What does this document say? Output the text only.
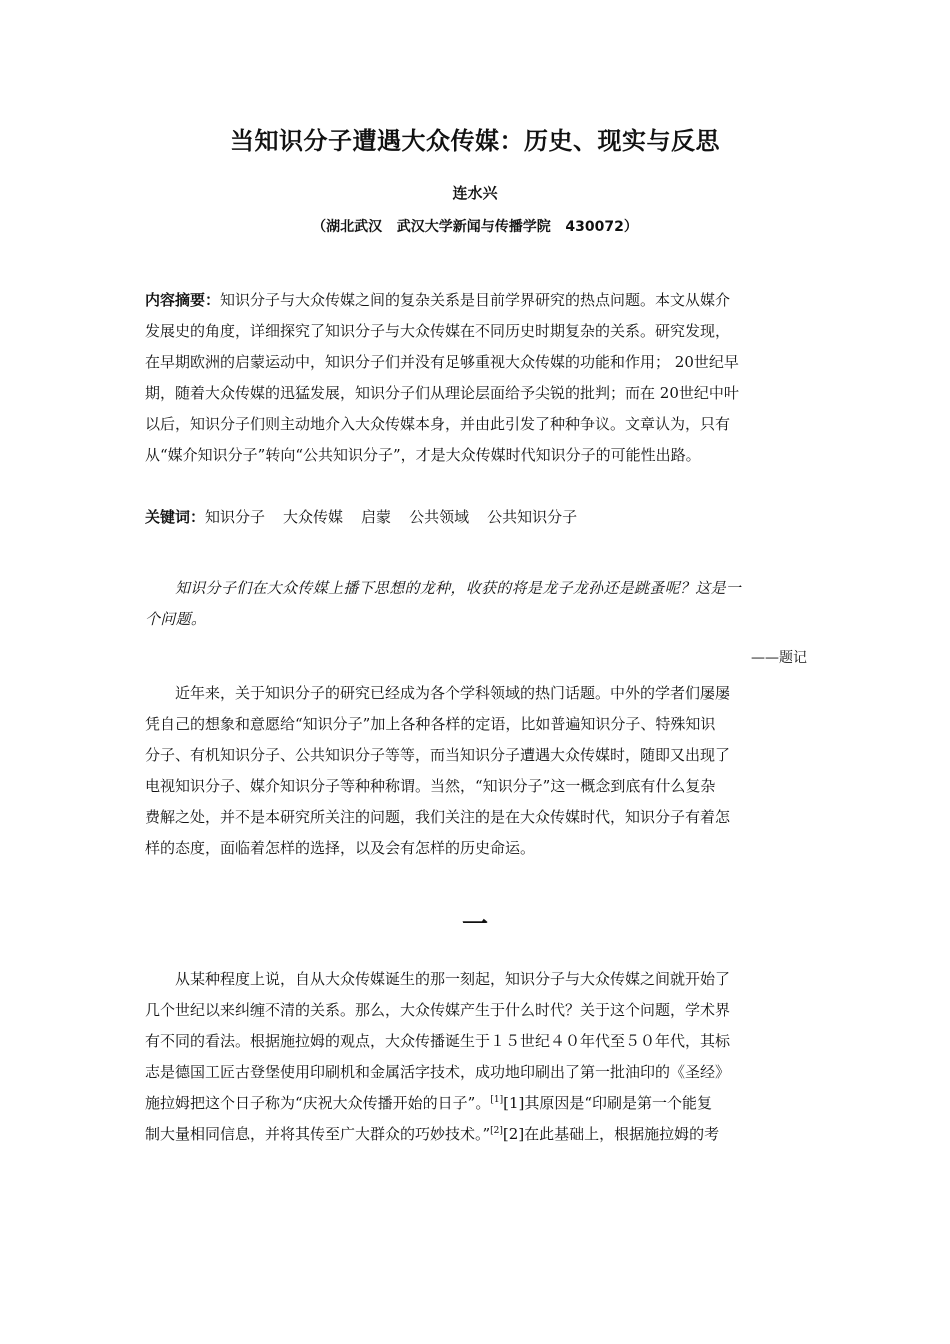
当知识分子遭遇大众传媒：历史、现实与反思
连水兴
（湖北武汉   武汉大学新闻与传播学院   430072）
内容摘要：知识分子与大众传媒之间的复杂关系是目前学界研究的热点问题。本文从媒介
发展史的角度，详细探究了知识分子与大众传媒在不同历史时期复杂的关系。研究发现，
在早期欧洲的启蒙运动中，知识分子们并没有足够重视大众传媒的功能和作用； 20世纪早
期，随着大众传媒的迅猛发展，知识分子们从理论层面给予尖锐的批判；而在 20世纪中叶
以后，知识分子们则主动地介入大众传媒本身，并由此引发了种种争议。文章认为，只有
从“媒介知识分子”转向“公共知识分子”，才是大众传媒时代知识分子的可能性出路。
关键词：知识分子 大众传媒 启蒙 公共领域 公共知识分子
知识分子们在大众传媒上播下思想的龙种，收获的将是龙子龙孙还是跳蚤呢？这是一
个问题。
——题记
近年来，关于知识分子的研究已经成为各个学科领域的热门话题。中外的学者们屡屡
凭自己的想象和意愿给“知识分子”加上各种各样的定语，比如普遍知识分子、特殊知识
分子、有机知识分子、公共知识分子等等，而当知识分子遭遇大众传媒时，随即又出现了
电视知识分子、媒介知识分子等种种称谓。当然，“知识分子”这一概念到底有什么复杂
费解之处，并不是本研究所关注的问题，我们关注的是在大众传媒时代，知识分子有着怎
样的态度，面临着怎样的选择，以及会有怎样的历史命运。
一
从某种程度上说，自从大众传媒诞生的那一刻起，知识分子与大众传媒之间就开始了
几个世纪以来纠缠不清的关系。那么，大众传媒产生于什么时代？关于这个问题，学术界
有不同的看法。根据施拉姆的观点，大众传播诞生于１５世纪４０年代至５０年代，其标
志是德国工匠古登堡使用印刷机和金属活字技术，成功地印刷出了第一批油印的《圣经》
施拉姆把这个日子称为“庆祝大众传播开始的日子”。[1][1]其原因是“印刷是第一个能复
制大量相同信息，并将其传至广大群众的巧妙技术。”[2][2]在此基础上，根据施拉姆的考
